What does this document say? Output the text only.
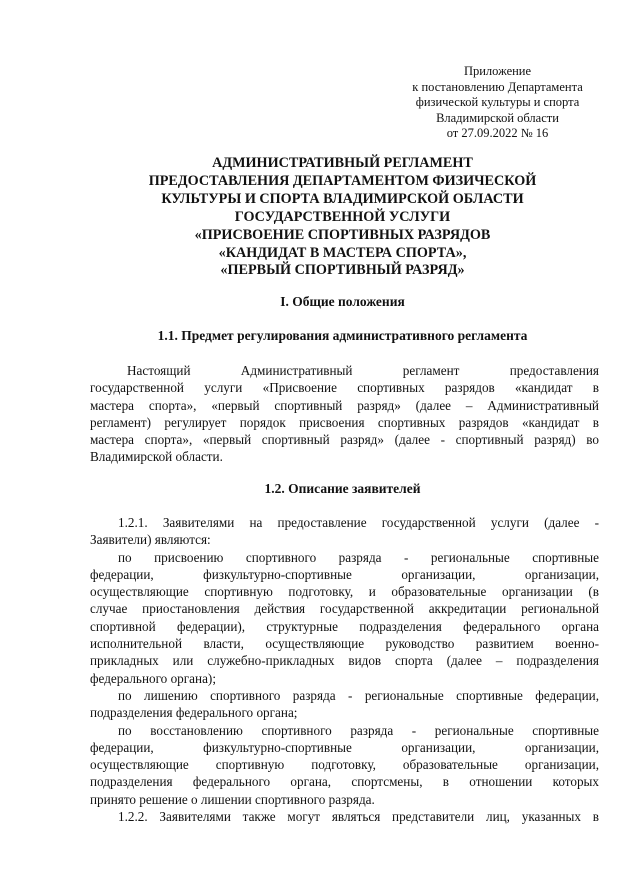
Приложение
к постановлению Департамента
физической культуры и спорта
Владимирской области
от 27.09.2022 № 16
АДМИНИСТРАТИВНЫЙ РЕГЛАМЕНТ
ПРЕДОСТАВЛЕНИЯ ДЕПАРТАМЕНТОМ ФИЗИЧЕСКОЙ
КУЛЬТУРЫ И СПОРТА ВЛАДИМИРСКОЙ ОБЛАСТИ
ГОСУДАРСТВЕННОЙ УСЛУГИ
«ПРИСВОЕНИЕ СПОРТИВНЫХ РАЗРЯДОВ
«КАНДИДАТ В МАСТЕРА СПОРТА»,
«ПЕРВЫЙ СПОРТИВНЫЙ РАЗРЯД»
I. Общие положения
1.1. Предмет регулирования административного регламента
Настоящий Административный регламент предоставления
государственной услуги «Присвоение спортивных разрядов «кандидат в
мастера спорта», «первый спортивный разряд» (далее – Административный
регламент) регулирует порядок присвоения спортивных разрядов «кандидат в
мастера спорта», «первый спортивный разряд» (далее - спортивный разряд) во
Владимирской области.
1.2. Описание заявителей
1.2.1. Заявителями на предоставление государственной услуги (далее -
Заявители) являются:
по присвоению спортивного разряда - региональные спортивные
федерации, физкультурно-спортивные организации, организации,
осуществляющие спортивную подготовку, и образовательные организации (в
случае приостановления действия государственной аккредитации региональной
спортивной федерации), структурные подразделения федерального органа
исполнительной власти, осуществляющие руководство развитием военно-
прикладных или служебно-прикладных видов спорта (далее – подразделения
федерального органа);
по лишению спортивного разряда - региональные спортивные федерации,
подразделения федерального органа;
по восстановлению спортивного разряда - региональные спортивные
федерации, физкультурно-спортивные организации, организации,
осуществляющие спортивную подготовку, образовательные организации,
подразделения федерального органа, спортсмены, в отношении которых
принято решение о лишении спортивного разряда.
1.2.2. Заявителями также могут являться представители лиц, указанных в
